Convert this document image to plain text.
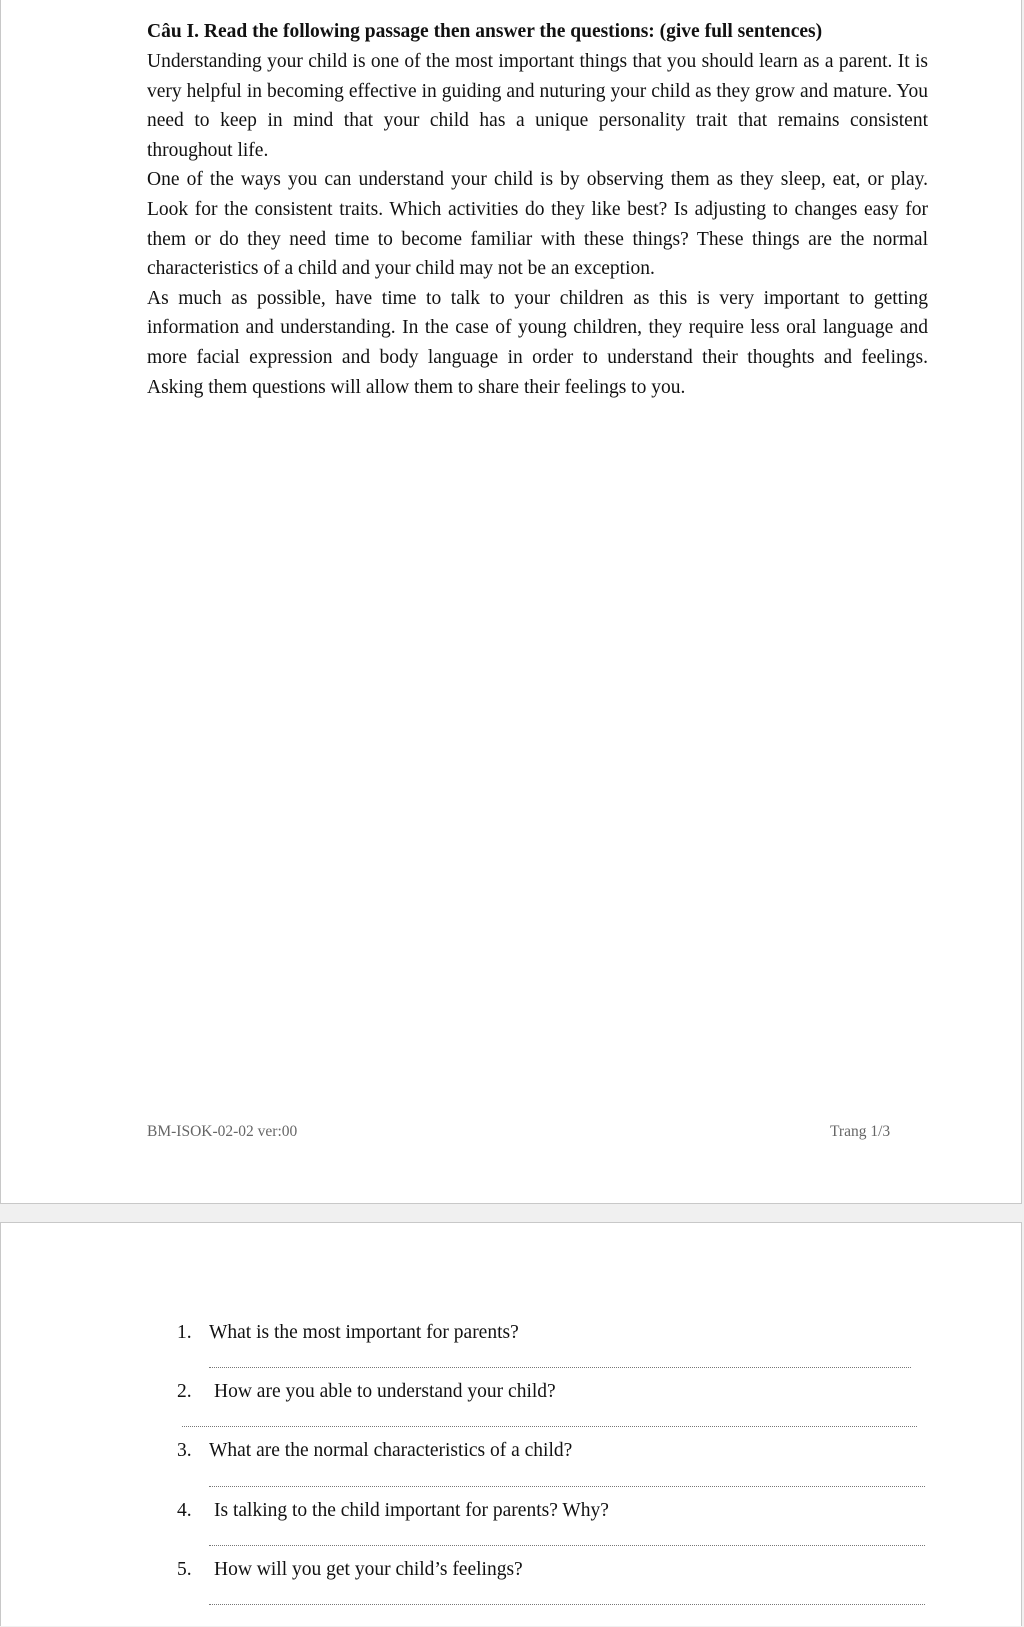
Câu I. Read the following passage then answer the questions: (give full sentences)

Understanding your child is one of the most important things that you should learn as a parent. It is very helpful in becoming effective in guiding and nuturing your child as they grow and mature. You need to keep in mind that your child has a unique personality trait that remains consistent throughout life.

One of the ways you can understand your child is by observing them as they sleep, eat, or play. Look for the consistent traits. Which activities do they like best? Is adjusting to changes easy for them or do they need time to become familiar with these things? These things are the normal characteristics of a child and your child may not be an exception.

As much as possible, have time to talk to your children as this is very important to getting information and understanding. In the case of young children, they require less oral language and more facial expression and body language in order to understand their thoughts and feelings. Asking them questions will allow them to share their feelings to you.

BM-ISOK-02-02 ver:00	Trang 1/3
1. What is the most important for parents?
2. How are you able to understand your child?
3. What are the normal characteristics of a child?
4. Is talking to the child important for parents? Why?
5. How will you get your child’s feelings?
